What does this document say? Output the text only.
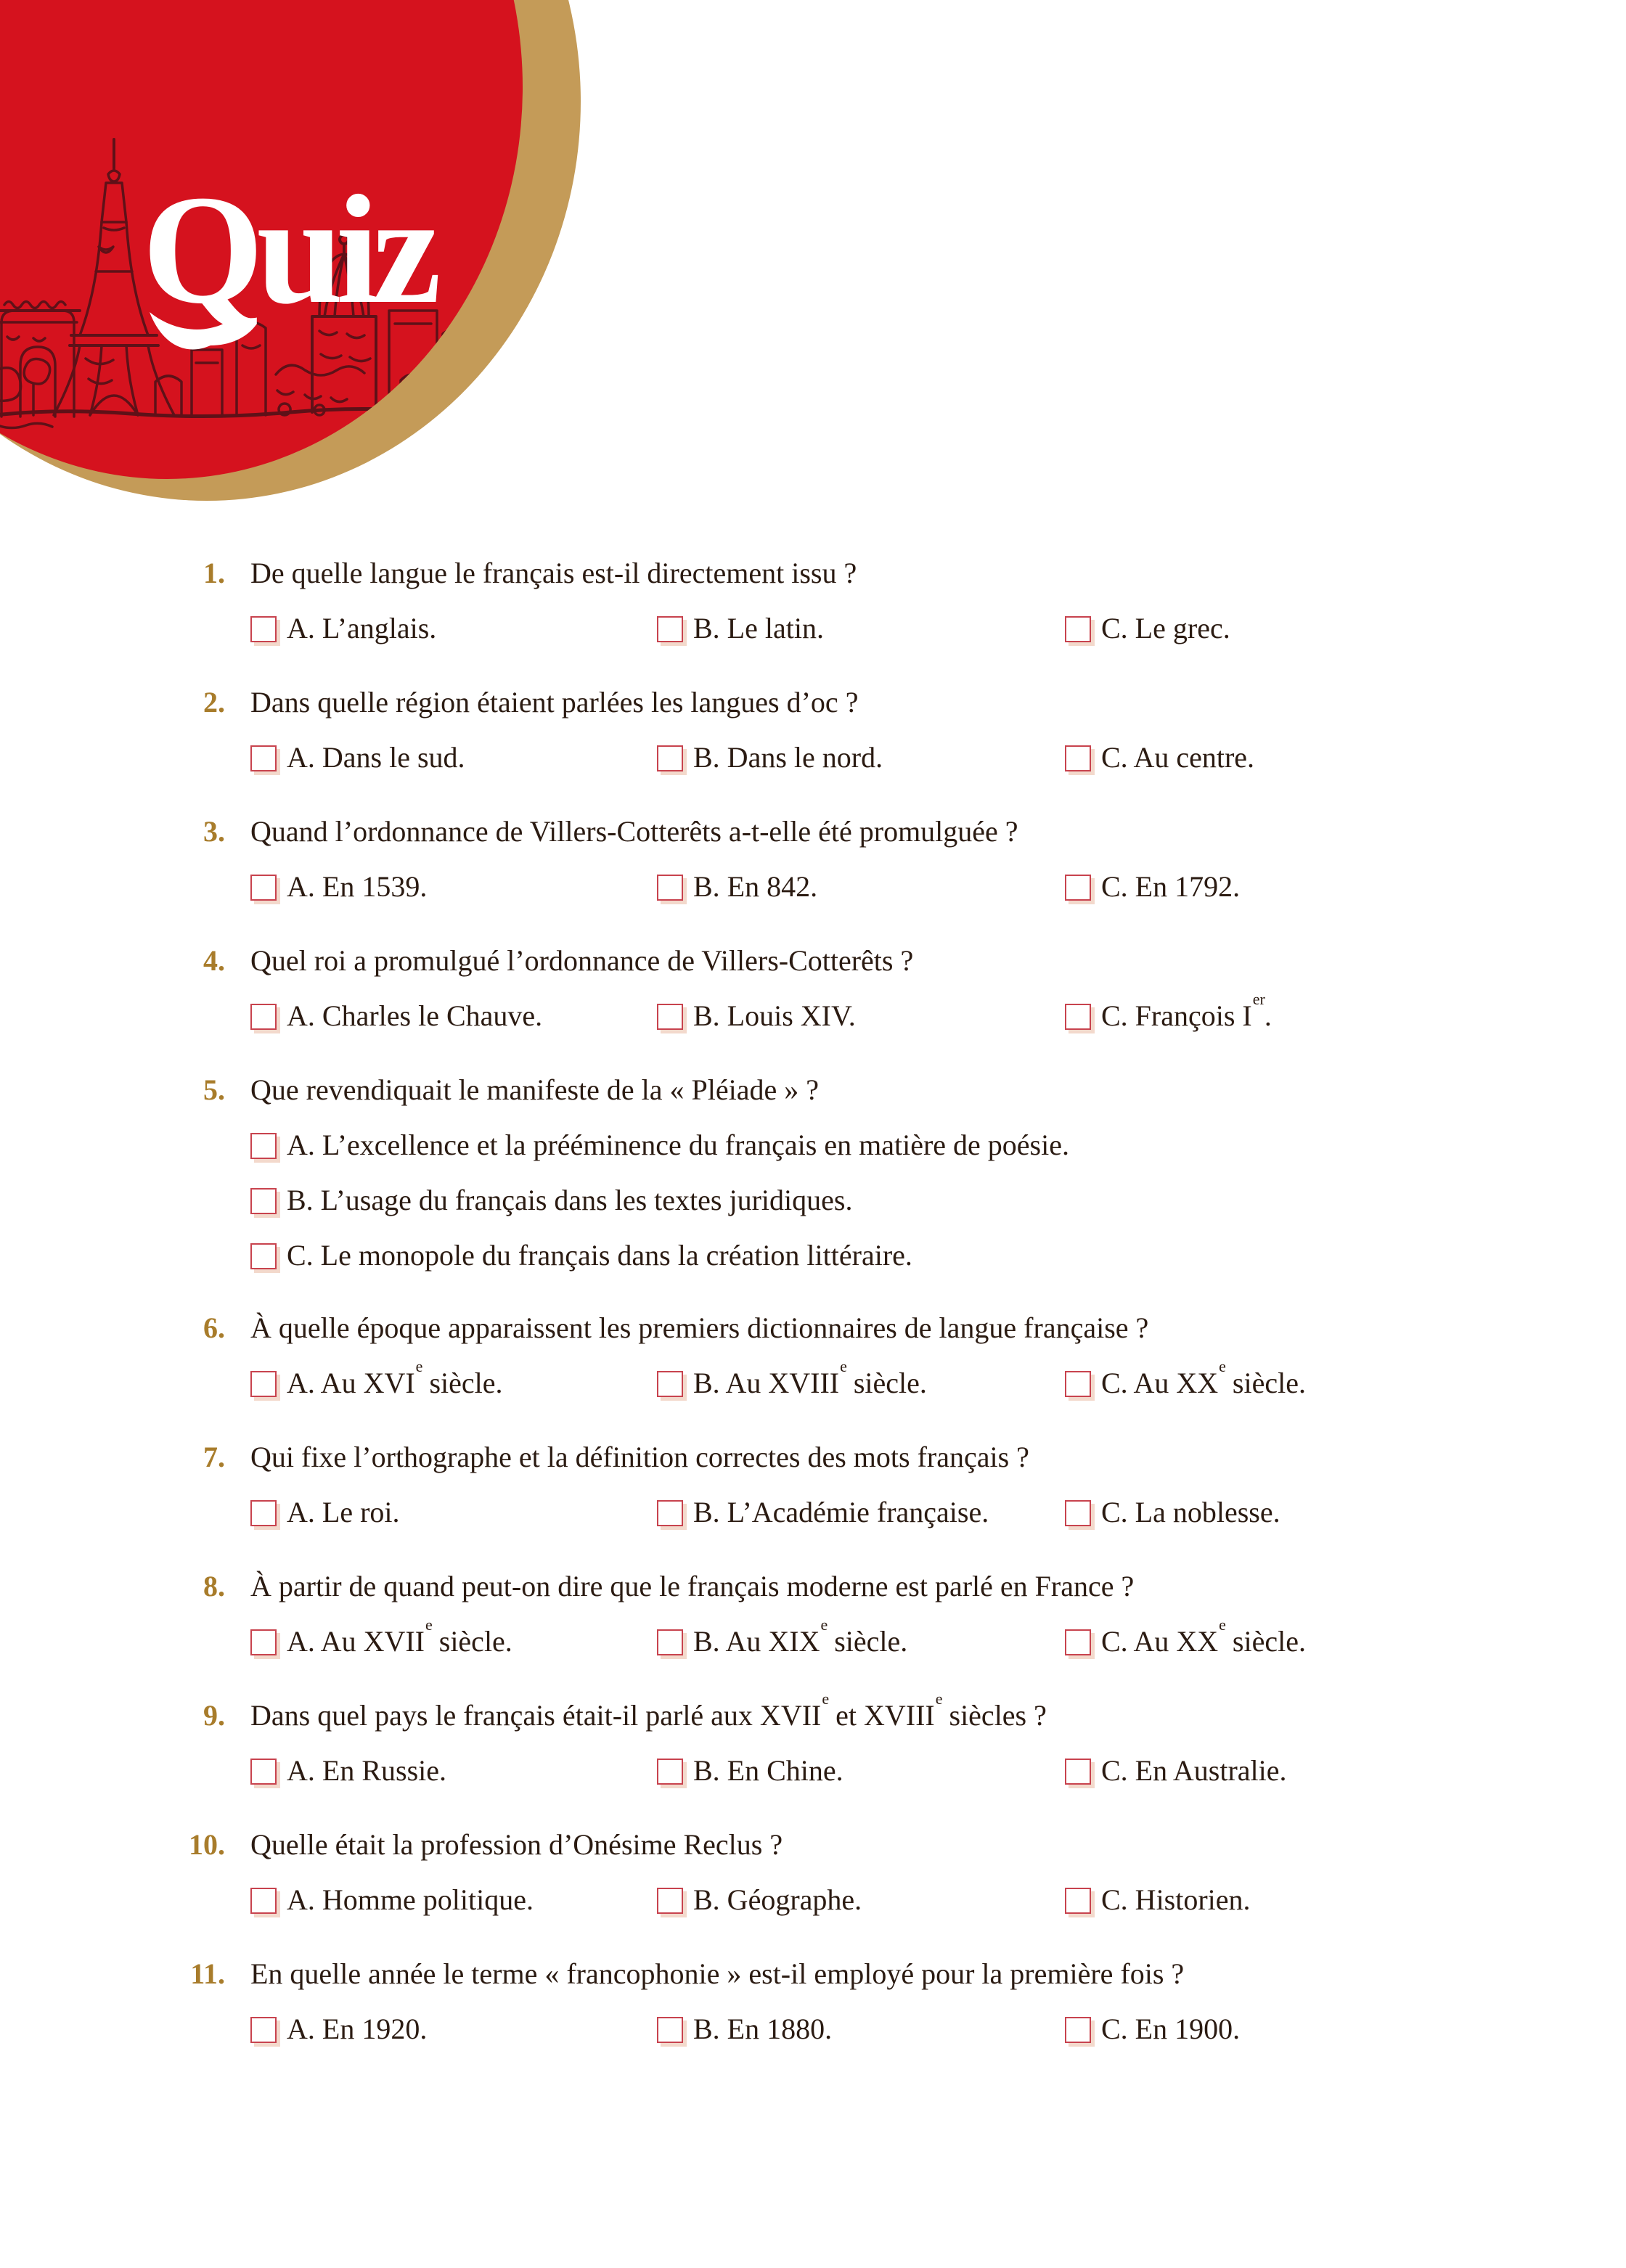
Quiz
1. De quelle langue le français est-il directement issu ?
A. L’anglais.	B. Le latin.	C. Le grec.
2. Dans quelle région étaient parlées les langues d’oc ?
A. Dans le sud.	B. Dans le nord.	C. Au centre.
3. Quand l’ordonnance de Villers-Cotterêts a-t-elle été promulguée ?
A. En 1539.	B. En 842.	C. En 1792.
4. Quel roi a promulgué l’ordonnance de Villers-Cotterêts ?
A. Charles le Chauve.	B. Louis XIV.	C. François Ier.
5. Que revendiquait le manifeste de la « Pléiade » ?
A. L’excellence et la prééminence du français en matière de poésie.
B. L’usage du français dans les textes juridiques.
C. Le monopole du français dans la création littéraire.
6. À quelle époque apparaissent les premiers dictionnaires de langue française ?
A. Au XVIe siècle.	B. Au XVIIIe siècle.	C. Au XXe siècle.
7. Qui fixe l’orthographe et la définition correctes des mots français ?
A. Le roi.	B. L’Académie française.	C. La noblesse.
8. À partir de quand peut-on dire que le français moderne est parlé en France ?
A. Au XVIIe siècle.	B. Au XIXe siècle.	C. Au XXe siècle.
9. Dans quel pays le français était-il parlé aux XVIIe et XVIIIe siècles ?
A. En Russie.	B. En Chine.	C. En Australie.
10. Quelle était la profession d’Onésime Reclus ?
A. Homme politique.	B. Géographe.	C. Historien.
11. En quelle année le terme « francophonie » est-il employé pour la première fois ?
A. En 1920.	B. En 1880.	C. En 1900.
